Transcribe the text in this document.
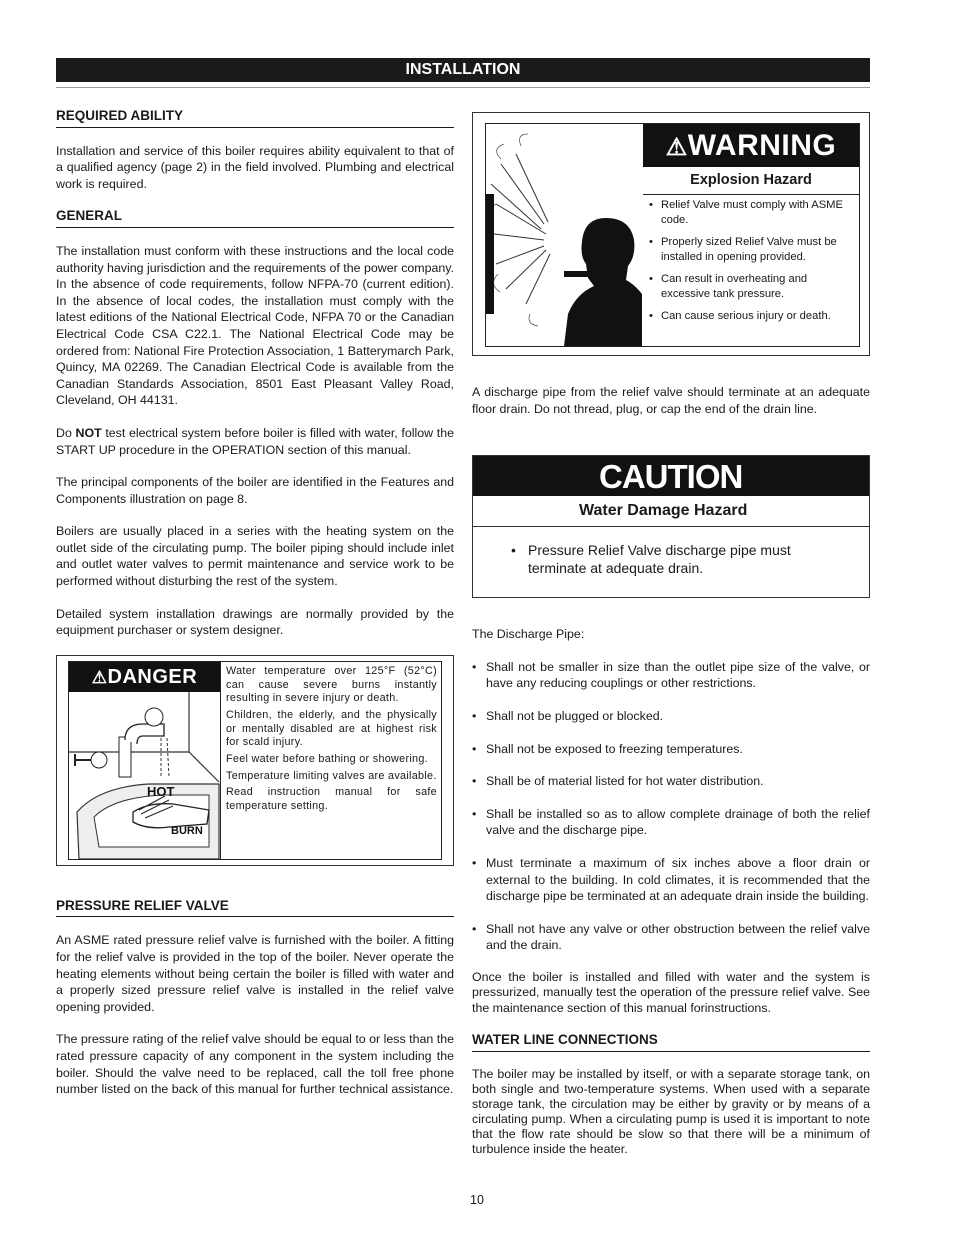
INSTALLATION
REQUIRED ABILITY

Installation and service of this boiler requires ability equivalent to that of a qualified agency (page 2) in the field involved. Plumbing and electrical work is required.

GENERAL

The installation must conform with these instructions and the local code authority having jurisdiction and the requirements of the power company. In the absence of code requirements, follow NFPA-70 (current edition). In the absence of local codes, the installation must comply with the latest editions of the National Electrical Code, NFPA 70 or the Canadian Electrical Code CSA C22.1. The National Electrical Code may be ordered from: National Fire Protection Association, 1 Batterymarch Park, Quincy, MA 02269. The Canadian Electrical Code is available from the Canadian Standards Association, 8501 East Pleasant Valley Road, Cleveland, OH 44131.

Do NOT test electrical system before boiler is filled with water, follow the START UP procedure in the OPERATION section of this manual.

The principal components of the boiler are identified in the Features and Components illustration on page 8.

Boilers are usually placed in a series with the heating system on the outlet side of the circulating pump. The boiler piping should include inlet and outlet water valves to permit maintenance and service work to be performed without disturbing the rest of the system.

Detailed system installation drawings are normally provided by the equipment purchaser or system designer.

HOT
BURN
⚠DANGER	Water temperature over 125°F (52°C) can cause severe burns instantly resulting in severe injury or death.
Children, the elderly, and the physically or mentally disabled are at highest risk for scald injury.
Feel water before bathing or showering.
Temperature limiting valves are available.
Read instruction manual for safe temperature setting.
PRESSURE RELIEF VALVE

An ASME rated pressure relief valve is furnished with the boiler. A fitting for the relief valve is provided in the top of the boiler. Never operate the heating elements without being certain the boiler is filled with water and a properly sized pressure relief valve is installed in the relief valve opening provided.

The pressure rating of the relief valve should be equal to or less than the rated pressure capacity of any component in the system including the boiler. Should the valve need to be replaced, call the toll free phone number listed on the back of this manual for further technical assistance.

⚠WARNING
Explosion Hazard
• Relief Valve must comply with ASME code.
• Properly sized Relief Valve must be installed in opening provided.
• Can result in overheating and excessive tank pressure.
• Can cause serious injury or death.

A discharge pipe from the relief valve should terminate at an adequate floor drain. Do not thread, plug, or cap the end of the drain line.

CAUTION
Water Damage Hazard
• Pressure Relief Valve discharge pipe must terminate at adequate drain.

The Discharge Pipe:

• Shall not be smaller in size than the outlet pipe size of the valve, or have any reducing couplings or other restrictions.
• Shall not be plugged or blocked.
• Shall not be exposed to freezing temperatures.
• Shall be of material listed for hot water distribution.
• Shall be installed so as to allow complete drainage of both the relief valve and the discharge pipe.
• Must terminate a maximum of six inches above a floor drain or external to the building. In cold climates, it is recommended that the discharge pipe be terminated at an adequate drain inside the building.
• Shall not have any valve or other obstruction between the relief valve and the drain.

Once the boiler is installed and filled with water and the system is pressurized, manually test the operation of the pressure relief valve. See the maintenance section of this manual forinstructions.

WATER LINE CONNECTIONS

The boiler may be installed by itself, or with a separate storage tank, on both single and two-temperature systems. When used with a separate storage tank, the circulation may be either by gravity or by means of a circulating pump. When a circulating pump is used it is important to note that the flow rate should be slow so that there will be a minimum of turbulence inside the heater.

10
